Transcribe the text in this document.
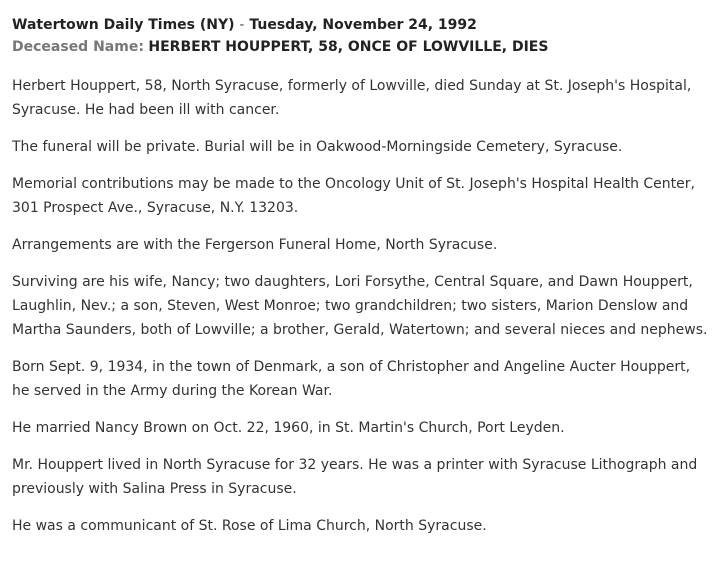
Watertown Daily Times (NY) - Tuesday, November 24, 1992
Deceased Name: HERBERT HOUPPERT, 58, ONCE OF LOWVILLE, DIES

Herbert Houppert, 58, North Syracuse, formerly of Lowville, died Sunday at St. Joseph's Hospital, Syracuse. He had been ill with cancer.

The funeral will be private. Burial will be in Oakwood-Morningside Cemetery, Syracuse.

Memorial contributions may be made to the Oncology Unit of St. Joseph's Hospital Health Center, 301 Prospect Ave., Syracuse, N.Y. 13203.

Arrangements are with the Fergerson Funeral Home, North Syracuse.

Surviving are his wife, Nancy; two daughters, Lori Forsythe, Central Square, and Dawn Houppert, Laughlin, Nev.; a son, Steven, West Monroe; two grandchildren; two sisters, Marion Denslow and Martha Saunders, both of Lowville; a brother, Gerald, Watertown; and several nieces and nephews.

Born Sept. 9, 1934, in the town of Denmark, a son of Christopher and Angeline Aucter Houppert, he served in the Army during the Korean War.

He married Nancy Brown on Oct. 22, 1960, in St. Martin's Church, Port Leyden.

Mr. Houppert lived in North Syracuse for 32 years. He was a printer with Syracuse Lithograph and previously with Salina Press in Syracuse.

He was a communicant of St. Rose of Lima Church, North Syracuse.
